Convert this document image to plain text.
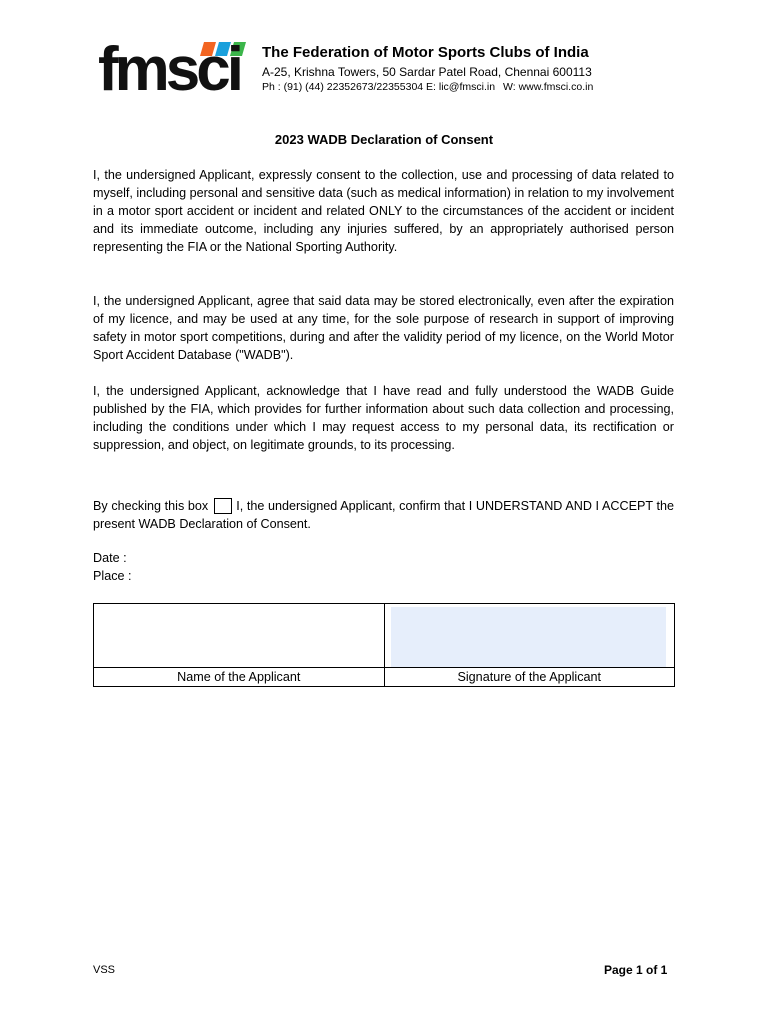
fmsci The Federation of Motor Sports Clubs of India
A-25, Krishna Towers, 50 Sardar Patel Road, Chennai 600113
Ph : (91) (44) 22352673/22355304 E: lic@fmsci.in W: www.fmsci.co.in
2023 WADB Declaration of Consent

I, the undersigned Applicant, expressly consent to the collection, use and processing of data related to myself, including personal and sensitive data (such as medical information) in relation to my involvement in a motor sport accident or incident and related ONLY to the circumstances of the accident or incident and its immediate outcome, including any injuries suffered, by an appropriately authorised person representing the FIA or the National Sporting Authority.

I, the undersigned Applicant, agree that said data may be stored electronically, even after the expiration of my licence, and may be used at any time, for the sole purpose of research in support of improving safety in motor sport competitions, during and after the validity period of my licence, on the World Motor Sport Accident Database ("WADB").

I, the undersigned Applicant, acknowledge that I have read and fully understood the WADB Guide published by the FIA, which provides for further information about such data collection and processing, including the conditions under which I may request access to my personal data, its rectification or suppression, and object, on legitimate grounds, to its processing.

By checking this box I, the undersigned Applicant, confirm that I UNDERSTAND AND I ACCEPT the present WADB Declaration of Consent.

Date :
Place :

Name of the Applicant	Signature of the Applicant
VSS	Page 1 of 1
